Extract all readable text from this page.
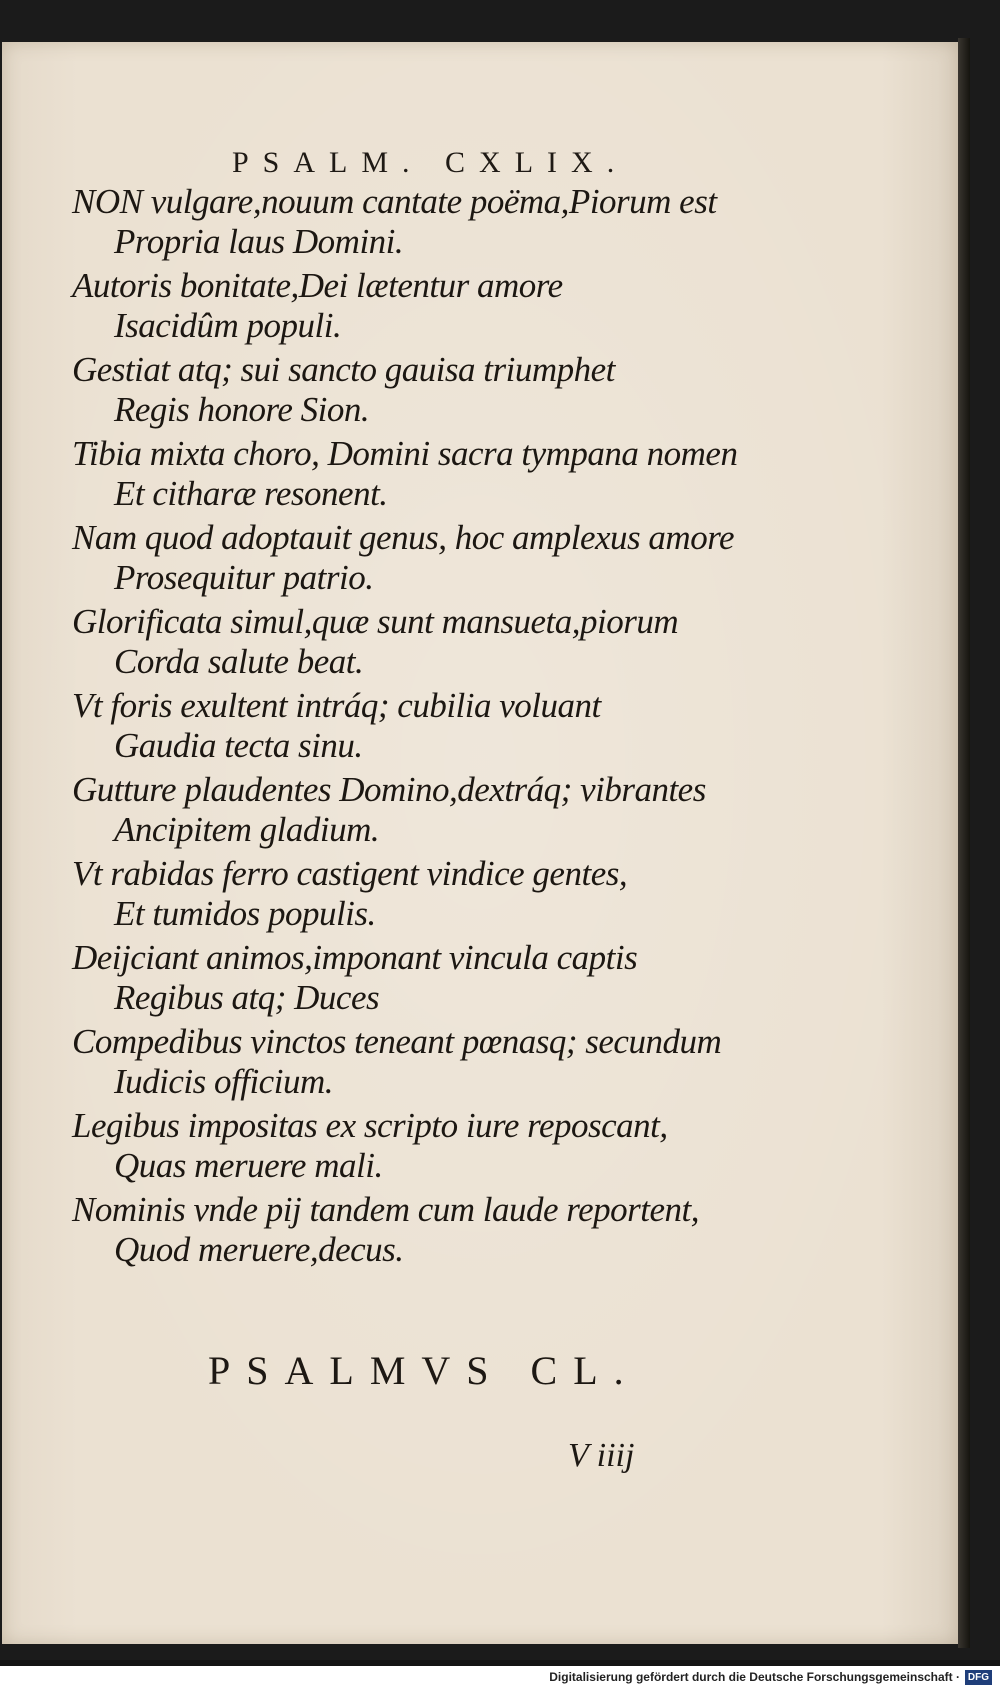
PSALM. CXLIX.
NON vulgare,nouum cantate poëma,Piorum est
Propria laus Domini.
Autoris bonitate,Dei lætentur amore
Isacidûm populi.
Gestiat atq; sui sancto gauisa triumphet
Regis honore Sion.
Tibia mixta choro, Domini sacra tympana nomen
Et citharæ resonent.
Nam quod adoptauit genus, hoc amplexus amore
Prosequitur patrio.
Glorificata simul,quæ sunt mansueta,piorum
Corda salute beat.
Vt foris exultent intráq; cubilia voluant
Gaudia tecta sinu.
Gutture plaudentes Domino,dextráq; vibrantes
Ancipitem gladium.
Vt rabidas ferro castigent vindice gentes,
Et tumidos populis.
Deijciant animos,imponant vincula captis
Regibus atq; Duces
Compedibus vinctos teneant pœnasq; secundum
Iudicis officium.
Legibus impositas ex scripto iure reposcant,
Quas meruere mali.
Nominis vnde pij tandem cum laude reportent,
Quod meruere,decus.
PSALMVS CL.
V iiij
Digitalisierung gefördert durch die Deutsche Forschungsgemeinschaft · DFG
